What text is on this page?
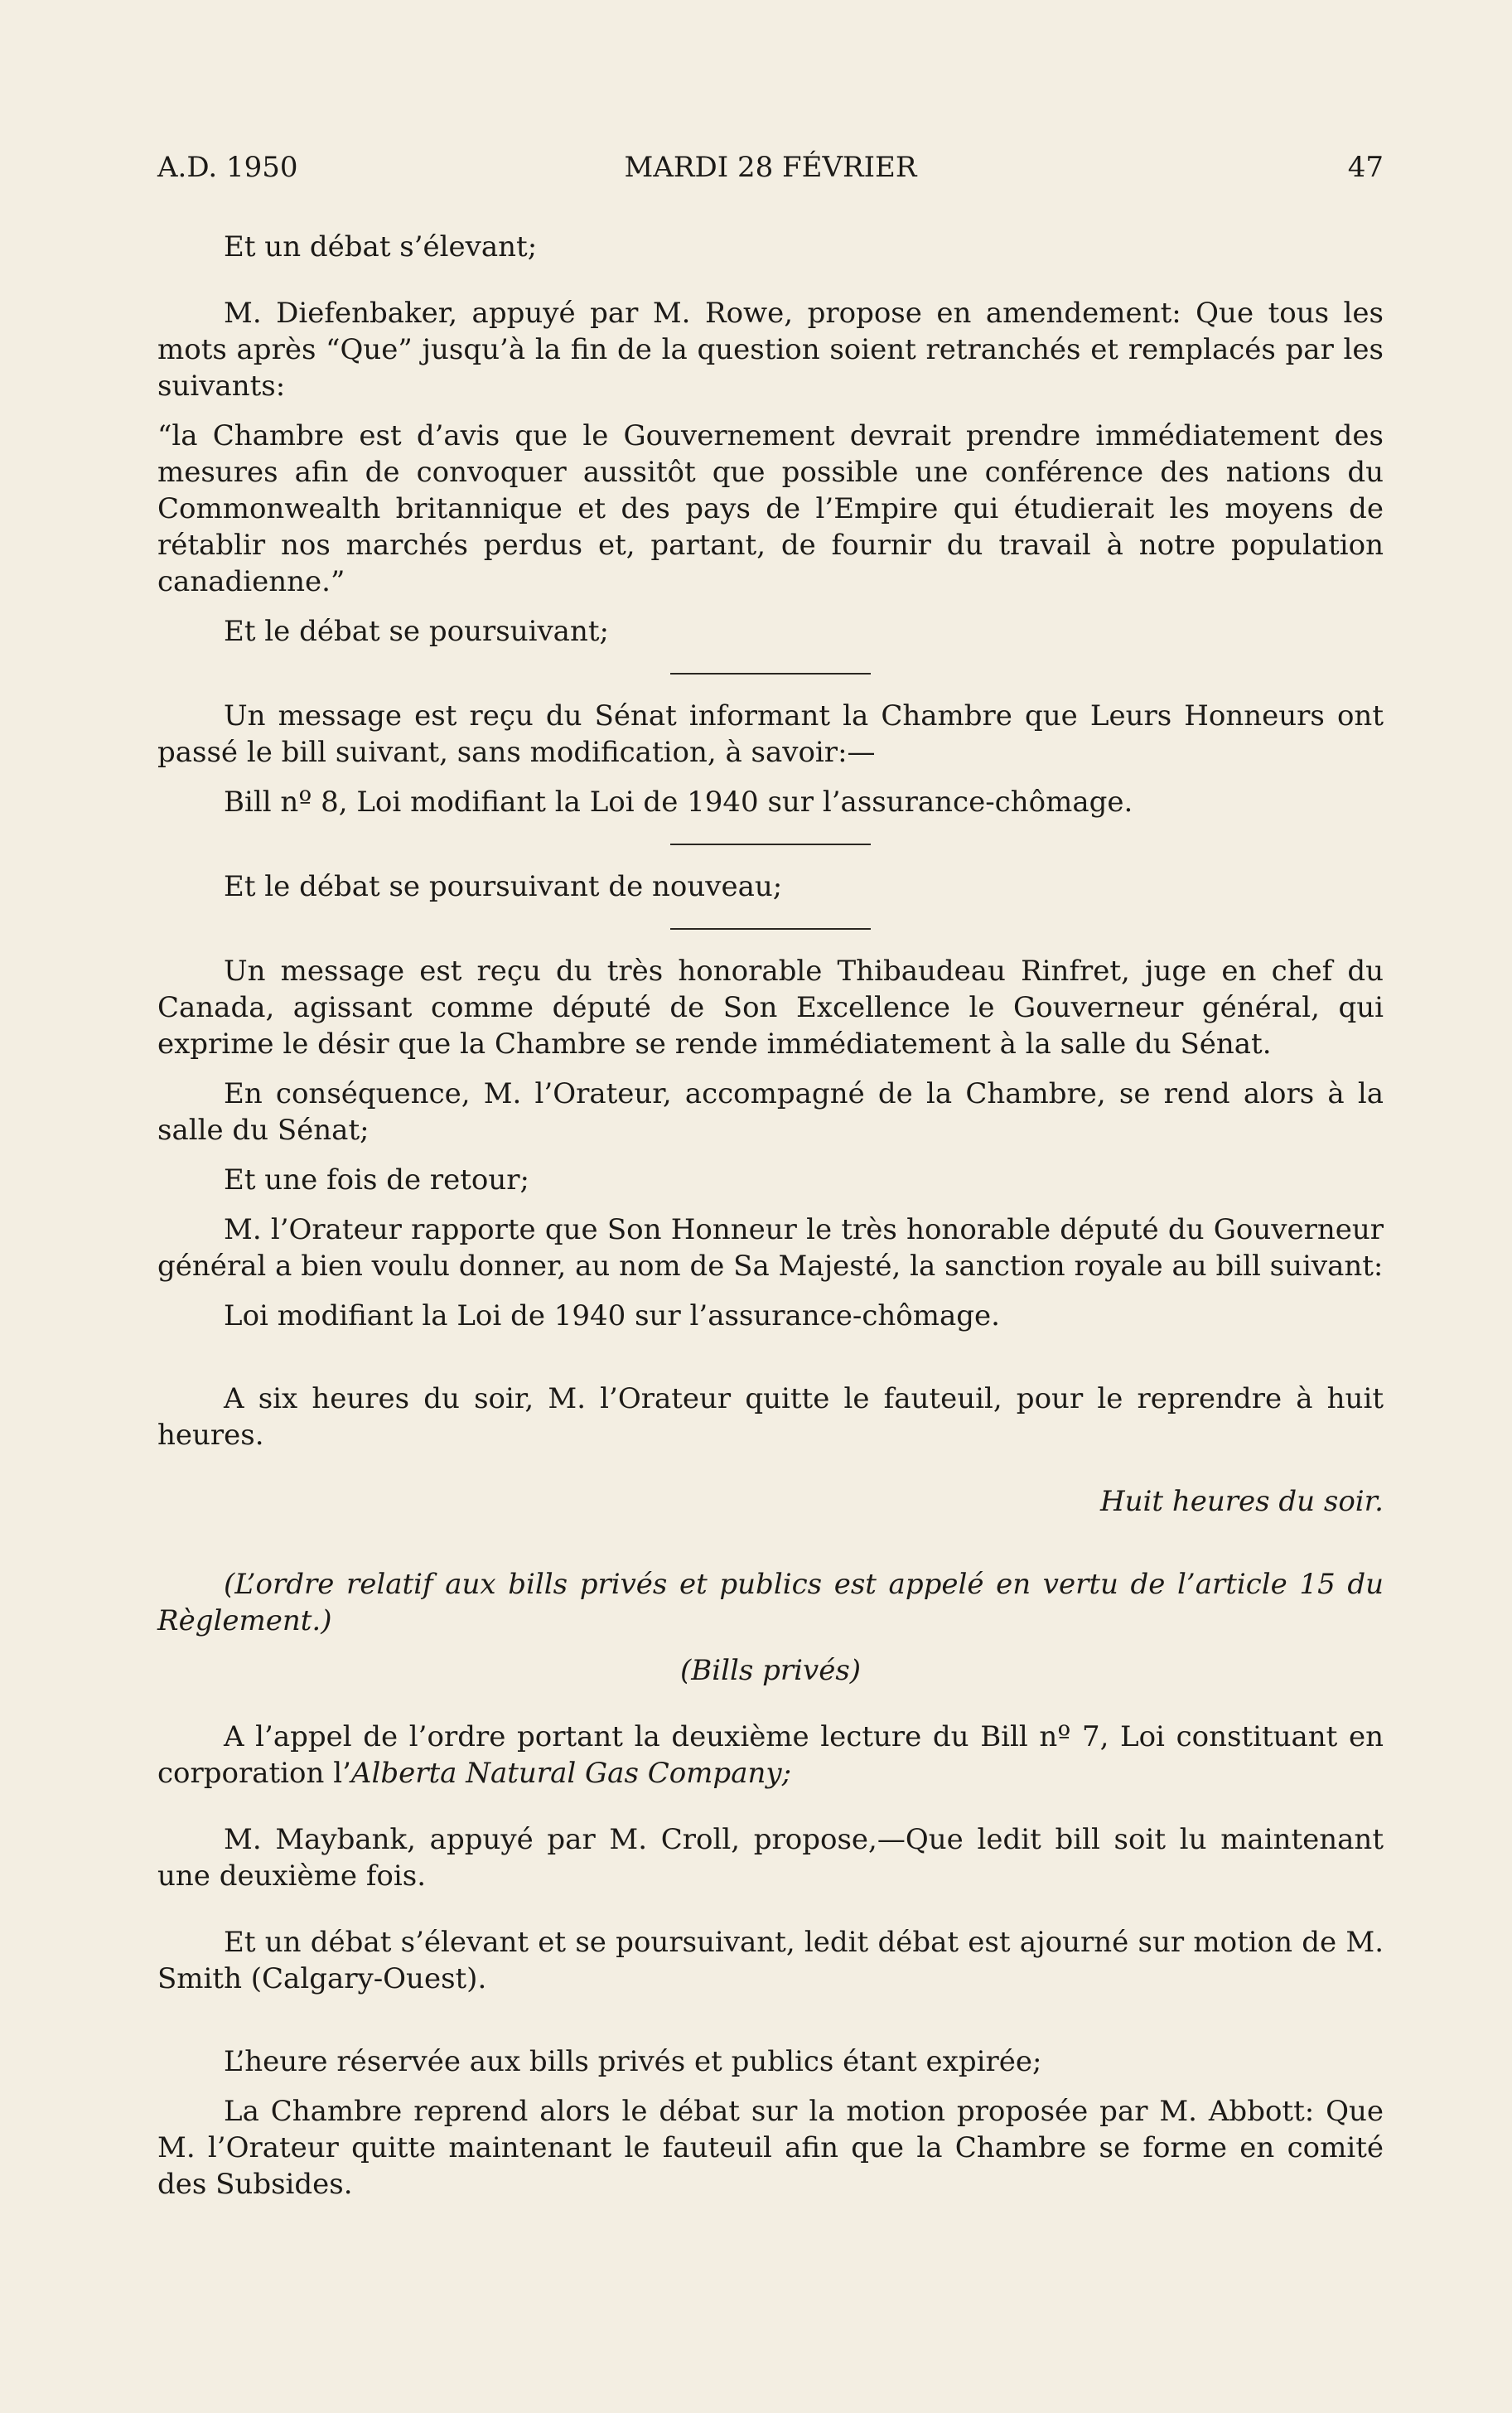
A.D. 1950	MARDI 28 FÉVRIER	47

Et un débat s’élevant;

M. Diefenbaker, appuyé par M. Rowe, propose en amendement: Que tous les mots après “Que” jusqu’à la fin de la question soient retranchés et remplacés par les suivants:

“la Chambre est d’avis que le Gouvernement devrait prendre immédiatement des mesures afin de convoquer aussitôt que possible une conférence des nations du Commonwealth britannique et des pays de l’Empire qui étudierait les moyens de rétablir nos marchés perdus et, partant, de fournir du travail à notre population canadienne.”

Et le débat se poursuivant;

Un message est reçu du Sénat informant la Chambre que Leurs Honneurs ont passé le bill suivant, sans modification, à savoir:—

Bill nº 8, Loi modifiant la Loi de 1940 sur l’assurance-chômage.

Et le débat se poursuivant de nouveau;

Un message est reçu du très honorable Thibaudeau Rinfret, juge en chef du Canada, agissant comme député de Son Excellence le Gouverneur général, qui exprime le désir que la Chambre se rende immédiatement à la salle du Sénat.

En conséquence, M. l’Orateur, accompagné de la Chambre, se rend alors à la salle du Sénat;

Et une fois de retour;

M. l’Orateur rapporte que Son Honneur le très honorable député du Gouverneur général a bien voulu donner, au nom de Sa Majesté, la sanction royale au bill suivant:

Loi modifiant la Loi de 1940 sur l’assurance-chômage.

A six heures du soir, M. l’Orateur quitte le fauteuil, pour le reprendre à huit heures.

Huit heures du soir.

(L’ordre relatif aux bills privés et publics est appelé en vertu de l’article 15 du Règlement.)

(Bills privés)

A l’appel de l’ordre portant la deuxième lecture du Bill nº 7, Loi constituant en corporation l’Alberta Natural Gas Company;

M. Maybank, appuyé par M. Croll, propose,—Que ledit bill soit lu maintenant une deuxième fois.

Et un débat s’élevant et se poursuivant, ledit débat est ajourné sur motion de M. Smith (Calgary-Ouest).

L’heure réservée aux bills privés et publics étant expirée;

La Chambre reprend alors le débat sur la motion proposée par M. Abbott: Que M. l’Orateur quitte maintenant le fauteuil afin que la Chambre se forme en comité des Subsides.
